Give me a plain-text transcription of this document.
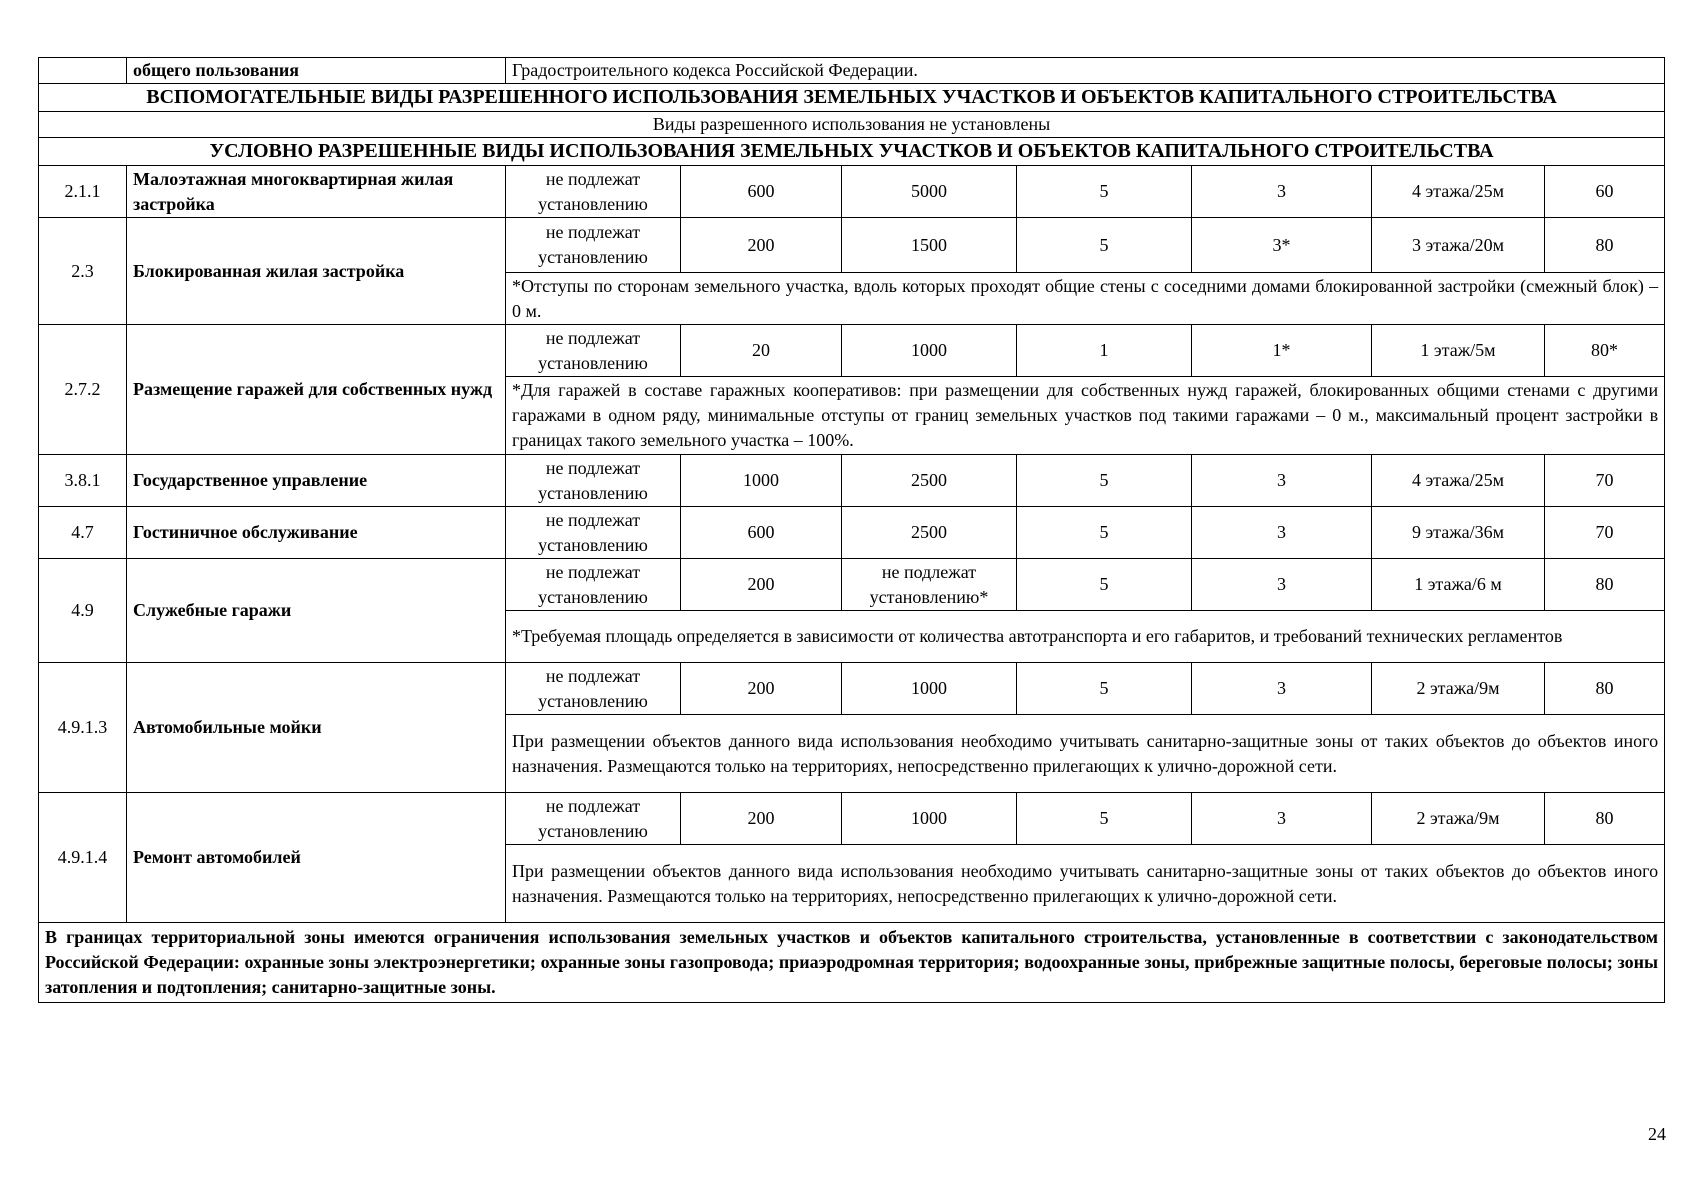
	общего пользования	Градостроительного кодекса Российской Федерации.						
ВСПОМОГАТЕЛЬНЫЕ ВИДЫ РАЗРЕШЕННОГО ИСПОЛЬЗОВАНИЯ ЗЕМЕЛЬНЫХ УЧАСТКОВ И ОБЪЕКТОВ КАПИТАЛЬНОГО СТРОИТЕЛЬСТВА								
Виды разрешенного использования не установлены								
УСЛОВНО РАЗРЕШЕННЫЕ ВИДЫ ИСПОЛЬЗОВАНИЯ ЗЕМЕЛЬНЫХ УЧАСТКОВ И ОБЪЕКТОВ КАПИТАЛЬНОГО СТРОИТЕЛЬСТВА								
2.1.1	Малоэтажная многоквартирная жилая застройка	не подлежат установлению	600	5000	5	3	4 этажа/25м	60
2.3	Блокированная жилая застройка	не подлежат установлению	200	1500	5	3*	3 этажа/20м	80
		*Отступы по сторонам земельного участка, вдоль которых проходят общие стены с соседними домами блокированной застройки (смежный блок) – 0 м.						
2.7.2	Размещение гаражей для собственных нужд	не подлежат установлению	20	1000	1	1*	1 этаж/5м	80*
		*Для гаражей в составе гаражных кооперативов: при размещении для собственных нужд гаражей, блокированных общими стенами с другими гаражами в одном ряду, минимальные отступы от границ земельных участков под такими гаражами – 0 м., максимальный процент застройки в границах такого земельного участка – 100%.						
3.8.1	Государственное управление	не подлежат установлению	1000	2500	5	3	4 этажа/25м	70
4.7	Гостиничное обслуживание	не подлежат установлению	600	2500	5	3	9 этажа/36м	70
4.9	Служебные гаражи	не подлежат установлению	200	не подлежат установлению*	5	3	1 этажа/6 м	80
		*Требуемая площадь определяется в зависимости от количества автотранспорта и его габаритов, и требований технических регламентов						
4.9.1.3	Автомобильные мойки	не подлежат установлению	200	1000	5	3	2 этажа/9м	80
		При размещении объектов данного вида использования необходимо учитывать санитарно-защитные зоны от таких объектов до объектов иного назначения. Размещаются только на территориях, непосредственно прилегающих к улично-дорожной сети.						
4.9.1.4	Ремонт автомобилей	не подлежат установлению	200	1000	5	3	2 этажа/9м	80
		При размещении объектов данного вида использования необходимо учитывать санитарно-защитные зоны от таких объектов до объектов иного назначения. Размещаются только на территориях, непосредственно прилегающих к улично-дорожной сети.						
В границах территориальной зоны имеются ограничения использования земельных участков и объектов капитального строительства, установленные в соответствии с законодательством Российской Федерации: охранные зоны электроэнергетики; охранные зоны газопровода; приаэродромная территория; водоохранные зоны, прибрежные защитные полосы, береговые полосы; зоны затопления и подтопления; санитарно-защитные зоны.								
24
